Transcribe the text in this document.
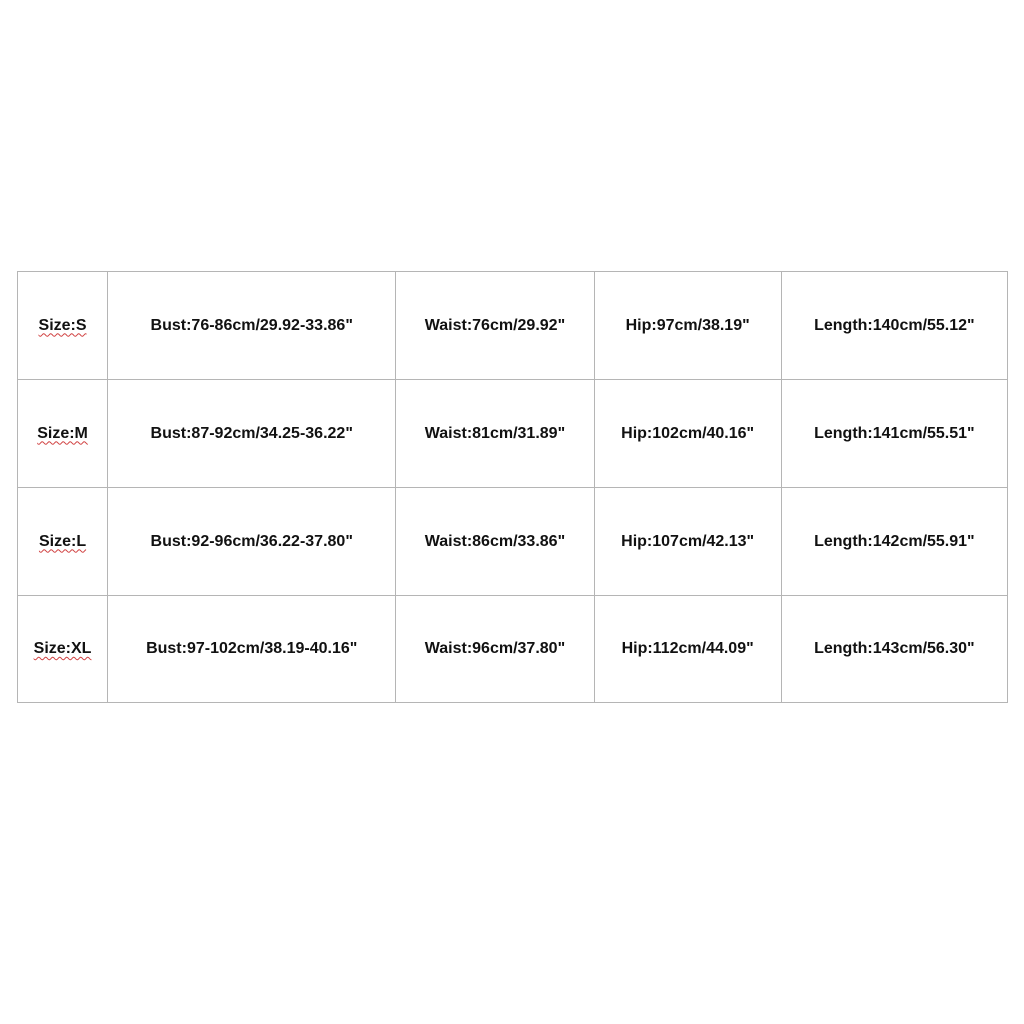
Size:S	Bust:76-86cm/29.92-33.86"	Waist:76cm/29.92"	Hip:97cm/38.19"	Length:140cm/55.12"
Size:M	Bust:87-92cm/34.25-36.22"	Waist:81cm/31.89"	Hip:102cm/40.16"	Length:141cm/55.51"
Size:L	Bust:92-96cm/36.22-37.80"	Waist:86cm/33.86"	Hip:107cm/42.13"	Length:142cm/55.91"
Size:XL	Bust:97-102cm/38.19-40.16"	Waist:96cm/37.80"	Hip:112cm/44.09"	Length:143cm/56.30"
